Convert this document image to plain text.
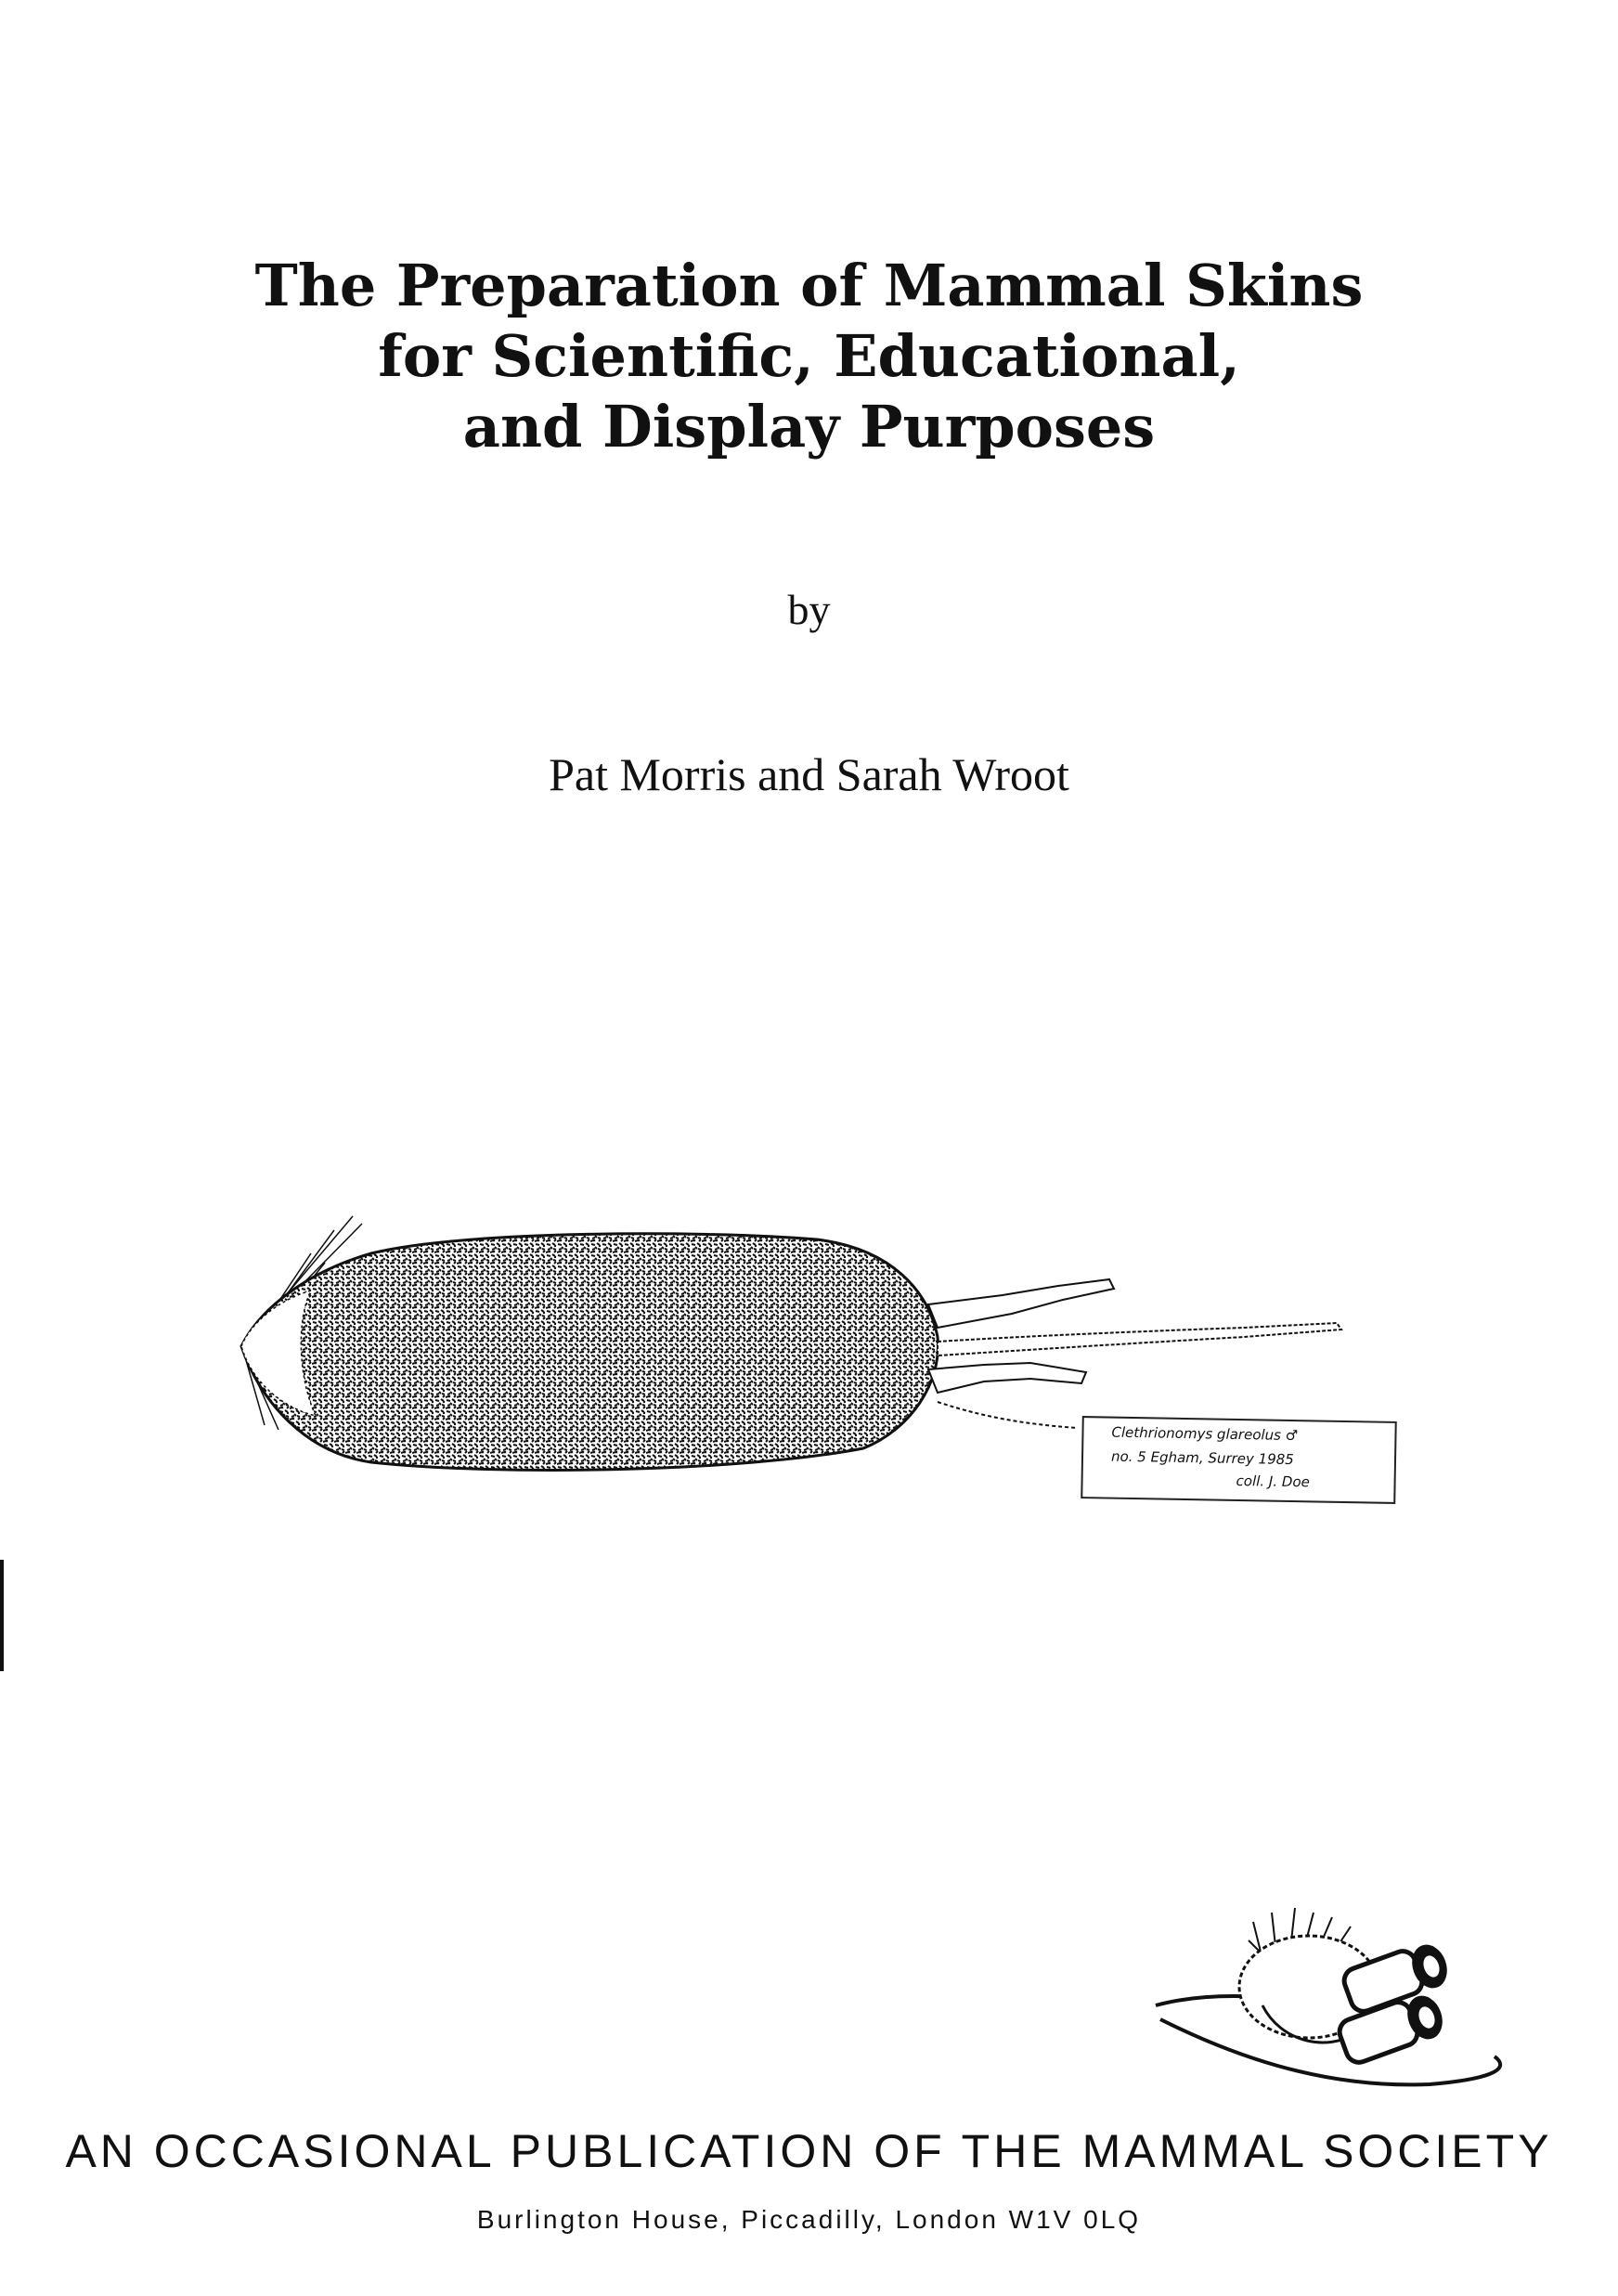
The Preparation of Mammal Skins
for Scientific, Educational,
and Display Purposes
by
Pat Morris and Sarah Wroot
Clethrionomys glareolus ♂
no. 5 Egham, Surrey 1985
coll. J. Doe
AN OCCASIONAL PUBLICATION OF THE MAMMAL SOCIETY
Burlington House, Piccadilly, London W1V 0LQ
